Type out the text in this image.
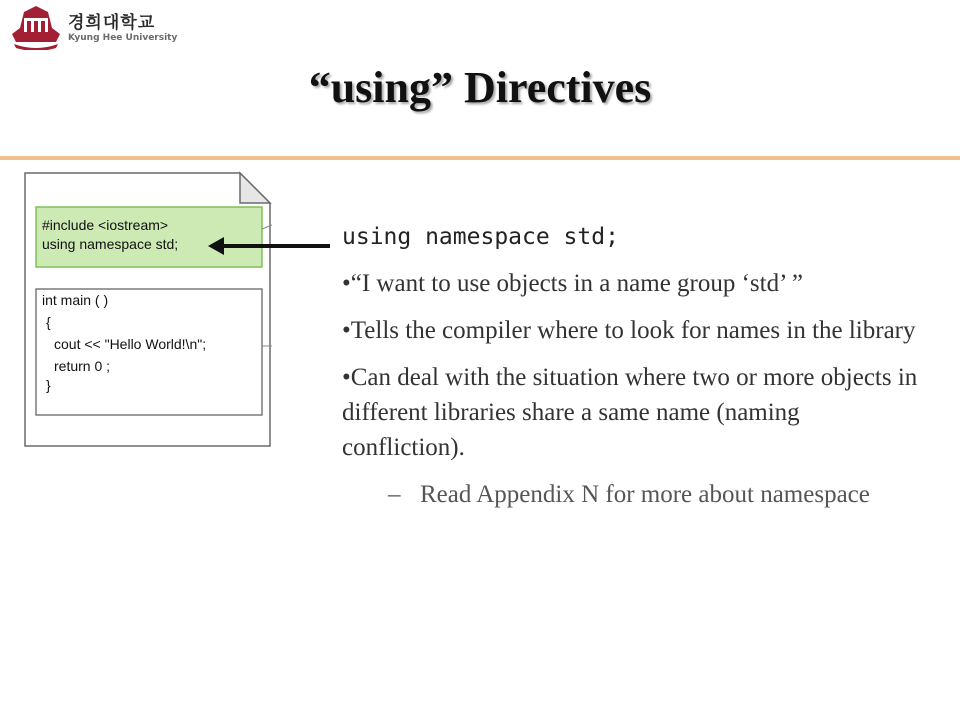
경희대학교
Kyung Hee University
“using” Directives
#include <iostream>
using namespace std;
int main ( )
{
cout << "Hello World!\n";
return 0 ;
}
using namespace std;
•“I want to use objects in a name group ‘std’ ”
•Tells the compiler where to look for names in the library
•Can deal with the situation where two or more objects in different libraries share a same name (naming confliction).
– Read Appendix N for more about namespace
